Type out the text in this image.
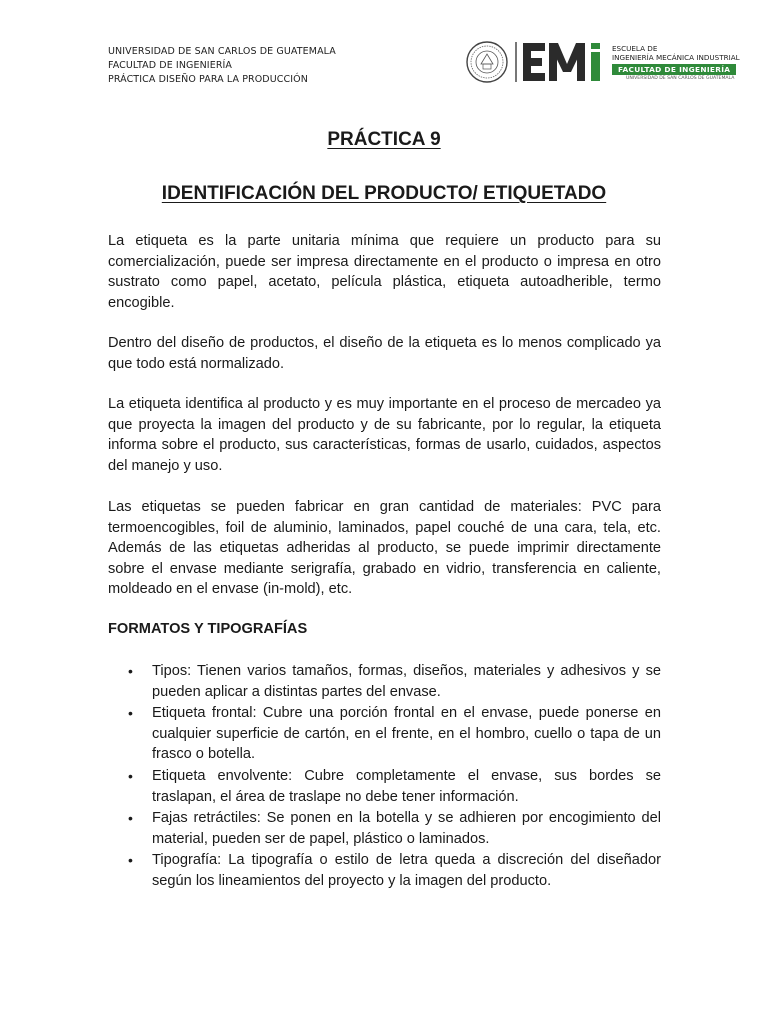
UNIVERSIDAD DE SAN CARLOS DE GUATEMALA
FACULTAD DE INGENIERÍA
PRÁCTICA DISEÑO PARA LA PRODUCCIÓN
ESCUELA DE
INGENIERÍA MECÁNICA INDUSTRIAL
FACULTAD DE INGENIERÍA
UNIVERSIDAD DE SAN CARLOS DE GUATEMALA
PRÁCTICA 9
IDENTIFICACIÓN DEL PRODUCTO/ ETIQUETADO
La etiqueta es la parte unitaria mínima que requiere un producto para su comercialización, puede ser impresa directamente en el producto o impresa en otro sustrato como papel, acetato, película plástica, etiqueta autoadherible, termo encogible.
Dentro del diseño de productos, el diseño de la etiqueta es lo menos complicado ya que todo está normalizado.
La etiqueta identifica al producto y es muy importante en el proceso de mercadeo ya que proyecta la imagen del producto y de su fabricante, por lo regular, la etiqueta informa sobre el producto, sus características, formas de usarlo, cuidados, aspectos del manejo y uso.
Las etiquetas se pueden fabricar en gran cantidad de materiales: PVC para termoencogibles, foil de aluminio, laminados, papel couché de una cara, tela, etc. Además de las etiquetas adheridas al producto, se puede imprimir directamente sobre el envase mediante serigrafía, grabado en vidrio, transferencia en caliente, moldeado en el envase (in-mold), etc.
FORMATOS Y TIPOGRAFÍAS
• Tipos: Tienen varios tamaños, formas, diseños, materiales y adhesivos y se pueden aplicar a distintas partes del envase.
• Etiqueta frontal: Cubre una porción frontal en el envase, puede ponerse en cualquier superficie de cartón, en el frente, en el hombro, cuello o tapa de un frasco o botella.
• Etiqueta envolvente: Cubre completamente el envase, sus bordes se traslapan, el área de traslape no debe tener información.
• Fajas retráctiles: Se ponen en la botella y se adhieren por encogimiento del material, pueden ser de papel, plástico o laminados.
• Tipografía: La tipografía o estilo de letra queda a discreción del diseñador según los lineamientos del proyecto y la imagen del producto.
